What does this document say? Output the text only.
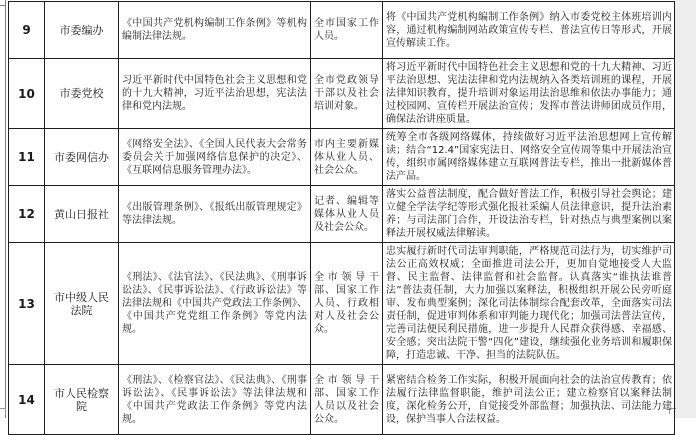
9	市委编办	《中国共产党机构编制工作条例》等机构编制法律法规。	全市国家工作人员。	将《中国共产党机构编制工作条例》纳入市委党校主体班培训内容，通过机构编制网站政策宣传专栏、普法宣传日等形式，开展宣传解读工作。
10	市委党校	习近平新时代中国特色社会主义思想和党的十九大精神，习近平法治思想，宪法法律和党内法规。	全市党政领导干部以及社会培训对象。	将习近平新时代中国特色社会主义思想和党的十九大精神、习近平法治思想、宪法法律和党内法规纳入各类培训班的课程，开展法律知识教育，提升培训对象运用法治思维和依法办事能力；通过校园网、宣传栏开展法治宣传；发挥市普法讲师团成员作用，确保法治讲座质量。
11	市委网信办	《网络安全法》、《全国人民代表大会常务委员会关于加强网络信息保护的决定》、《互联网信息服务管理办法》。	市内主要新媒体从业人员、社会公众。	统筹全市各级网络媒体，持续做好习近平法治思想网上宣传解读；结合“12.4”国家宪法日、网络安全宣传周等集中开展法治宣传，组织市属网络媒体建立互联网普法专栏，推出一批新媒体普法产品。
12	黄山日报社	《出版管理条例》、《报纸出版管理规定》等法律法规。	记者、编辑等媒体从业人员及社会公众。	落实公益普法制度，配合做好普法工作，积极引导社会舆论；建立健全学法学纪等形式强化报社采编人员法律意识，提升法治素养；与司法部门合作，开设法治专栏，针对热点与典型案例以案释法开展权威法律解读。
13	市中级人民法院	《刑法》、《法官法》、《民法典》、《刑事诉讼法》、《民事诉讼法》、《行政诉讼法》等法律法规和《中国共产党政法工作条例》、《中国共产党党组工作条例》等党内法规。	全市领导干部、国家工作人员、行政相对人及社会公众。	忠实履行新时代司法审判职能，严格规范司法行为，切实维护司法公正高效权威；全面推进司法公开，更加自觉地接受人大监督、民主监督、法律监督和社会监督。认真落实“谁执法谁普法”普法责任制，大力加强以案释法，积极组织开展公民旁听庭审、发布典型案例；深化司法体制综合配套改革，全面落实司法责任制，促进审判体系和审判能力现代化；加强司法普法宣传，完善司法便民利民措施，进一步提升人民群众获得感、幸福感、安全感；突出法院干警“四化”建设，继续强化业务培训和履职保障，打造忠诚、干净、担当的法院队伍。
14	市人民检察院	《刑法》、《检察官法》、《民法典》、《刑事诉讼法》、《民事诉讼法》等法律法规和《中国共产党政法工作条例》等党内法规。	全市领导干部、国家工作人员以及社会公众。	紧密结合检务工作实际，积极开展面向社会的法治宣传教育；依法履行法律监督职能，维护司法公正；建立检察官以案释法制度，深化检务公开，自觉接受外部监督；加强执法、司法能力建设，保护当事人合法权益。
